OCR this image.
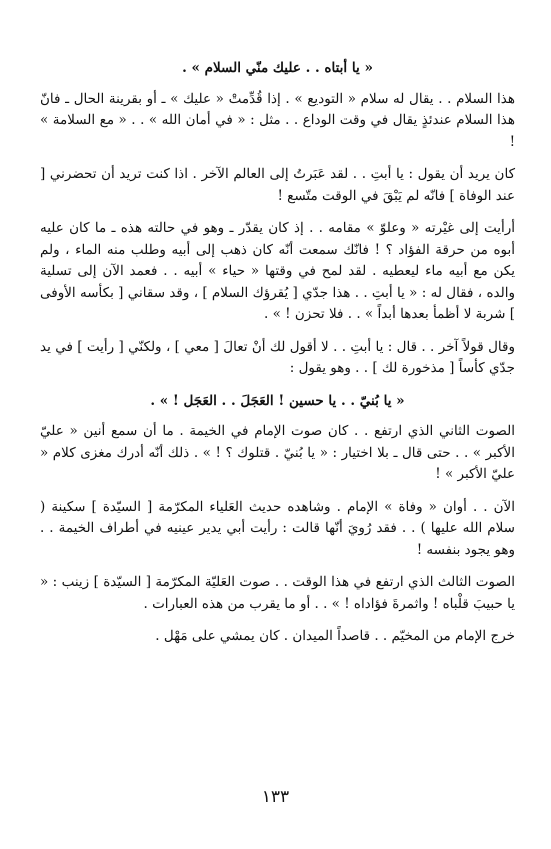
« يا أبتاه . . عليك منّي السلام » .

هذا السلام . . يقال له سلام « التوديع » . إذا قُدِّمتْ « عليك » ـ أو بقرينة الحال ـ فانّ هذا السلام عندئذٍ يقال في وقت الوداع . . مثل : « في أمان الله » . . « مع السلامة » !

كان يريد أن يقول : يا أبتِ . . لقد عَبَرتُ إلى العالم الآخر . اذا كنت تريد أن تحضرني [ عند الوفاة ] فانّه لم يَبْقَ في الوقت متّسع !

أرأيت إلى غيْرته « وعلوّ » مقامه . . إذ كان يقدّر ـ وهو في حالته هذه ـ ما كان عليه أبوه من حرقة الفؤاد ؟ ! فانّك سمعت أنّه كان ذهب إلى أبيه وطلب منه الماء ، ولم يكن مع أبيه ماء ليعطيه . لقد لمح في وقتها « حياء » أبيه . . فعمد الآن إلى تسلية والده ، فقال له : « يا أبتِ . . هذا جدّي [ يُقرؤك السلام ] ، وقد سقاني [ بكأسه الأوفى ] شربة لا أظمأ بعدها أبداً » . . فلا تحزن ! » .

وقال قولاً آخر . . قال : يا أبتِ . . لا أقول لك أنْ تعالَ [ معي ] ، ولكنّي [ رأيت ] في يد جدّي كأساً [ مذخورة لك ] . . وهو يقول :

« يا بُنيّ . . يا حسين ! العَجَلَ . . العَجَل ! » .

الصوت الثاني الذي ارتفع . . كان صوت الإمام في الخيمة . ما أن سمع أنين « عليّ الأكبر » . . حتى قال ـ بلا اختيار : « يا بُنيّ . قتلوك ؟ ! » . ذلك أنّه أدرك مغزى كلام « عليّ الأكبر » !

الآن . . أوان « وفاة » الإمام . وشاهده حديث العَلياء المكرّمة [ السيّدة ] سكينة ( سلام الله عليها ) . . فقد رُويَ أنّها قالت : رأيت أبي يدير عينيه في أطراف الخيمة . . وهو يجود بنفسه !

الصوت الثالث الذي ارتفع في هذا الوقت . . صوت العَليّة المكرّمة [ السيّدة ] زينب : « يا حبيبَ قلْباه ! واثمرةَ فؤاداه ! » . . أو ما يقرب من هذه العبارات .

خرج الإمام من المخيّم . . قاصداً الميدان . كان يمشي على مَهْل .

١٣٣
